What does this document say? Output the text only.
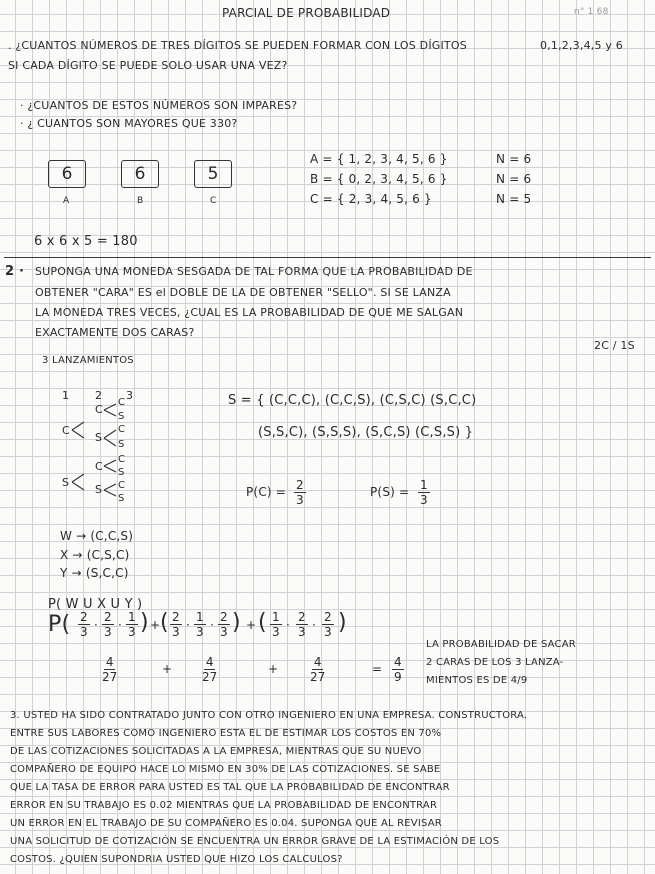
PARCIAL DE PROBABILIDAD	n° 1 68
. ¿CUANTOS NÚMEROS DE TRES DÍGITOS SE PUEDEN FORMAR CON LOS DÍGITOS	0,1,2,3,4,5 y 6
SI CADA DÍGITO SE PUEDE SOLO USAR UNA VEZ?
· ¿CUANTOS DE ESTOS NÚMEROS SON IMPARES?
· ¿ CUANTOS SON MAYORES QUE 330?
6
A
6
B
5
C
A = { 1, 2, 3, 4, 5, 6 }	N = 6
B = { 0, 2, 3, 4, 5, 6 }	N = 6
C = { 2, 3, 4, 5, 6 }	N = 5
6 x 6 x 5 = 180
2 · SUPONGA UNA MONEDA SESGADA DE TAL FORMA QUE LA PROBABILIDAD DE
OBTENER "CARA" ES el DOBLE DE LA DE OBTENER "SELLO". SI SE LANZA
LA MONEDA TRES VECES, ¿CUAL ES LA PROBABILIDAD DE QUE ME SALGAN
EXACTAMENTE DOS CARAS?
2C / 1S
3 LANZAMIENTOS
1 2 3
C
C
S
C
S
C
S
S
C
S
C
S
C
S
S = { (C,C,C), (C,C,S), (C,S,C) (S,C,C)
(S,S,C), (S,S,S), (S,C,S) (C,S,S) }
$P(C) = \frac{2}{3}$	$P(S) = \frac{1}{3}$
W → (C,C,S)
X → (C,S,C)
Y → (S,C,C)
P( W U X U Y )
$P( \frac{2}{3} \cdot \frac{2}{3} \cdot \frac{1}{3}$ ) + ( $\frac{2}{3} \cdot \frac{1}{3} \cdot \frac{2}{3}$ ) + ( $\frac{1}{3} \cdot \frac{2}{3} \cdot \frac{2}{3}$ )
$\frac{4}{27}$	+ $\frac{4}{27}$	+	$\frac{4}{27}$	= $\frac{4}{9}$
LA PROBABILIDAD DE SACAR
2 CARAS DE LOS 3 LANZA-
MIENTOS ES DE 4/9
3. USTED HA SIDO CONTRATADO JUNTO CON OTRO INGENIERO EN UNA EMPRESA. CONSTRUCTORA.
ENTRE SUS LABORES COMO INGENIERO ESTA EL DE ESTIMAR LOS COSTOS EN 70%
DE LAS COTIZACIONES SOLICITADAS A LA EMPRESA, MIENTRAS QUE SU NUEVO
COMPAÑERO DE EQUIPO HACE LO MISMO EN 30% DE LAS COTIZACIONES. SE SABE
QUE LA TASA DE ERROR PARA USTED ES TAL QUE LA PROBABILIDAD DE ENCONTRAR
ERROR EN SU TRABAJO ES 0.02 MIENTRAS QUE LA PROBABILIDAD DE ENCONTRAR
UN ERROR EN EL TRABAJO DE SU COMPAÑERO ES 0.04. SUPONGA QUE AL REVISAR
UNA SOLICITUD DE COTIZACIÓN SE ENCUENTRA UN ERROR GRAVE DE LA ESTIMACIÓN DE LOS
COSTOS. ¿QUIEN SUPONDRIA USTED QUE HIZO LOS CALCULOS?
